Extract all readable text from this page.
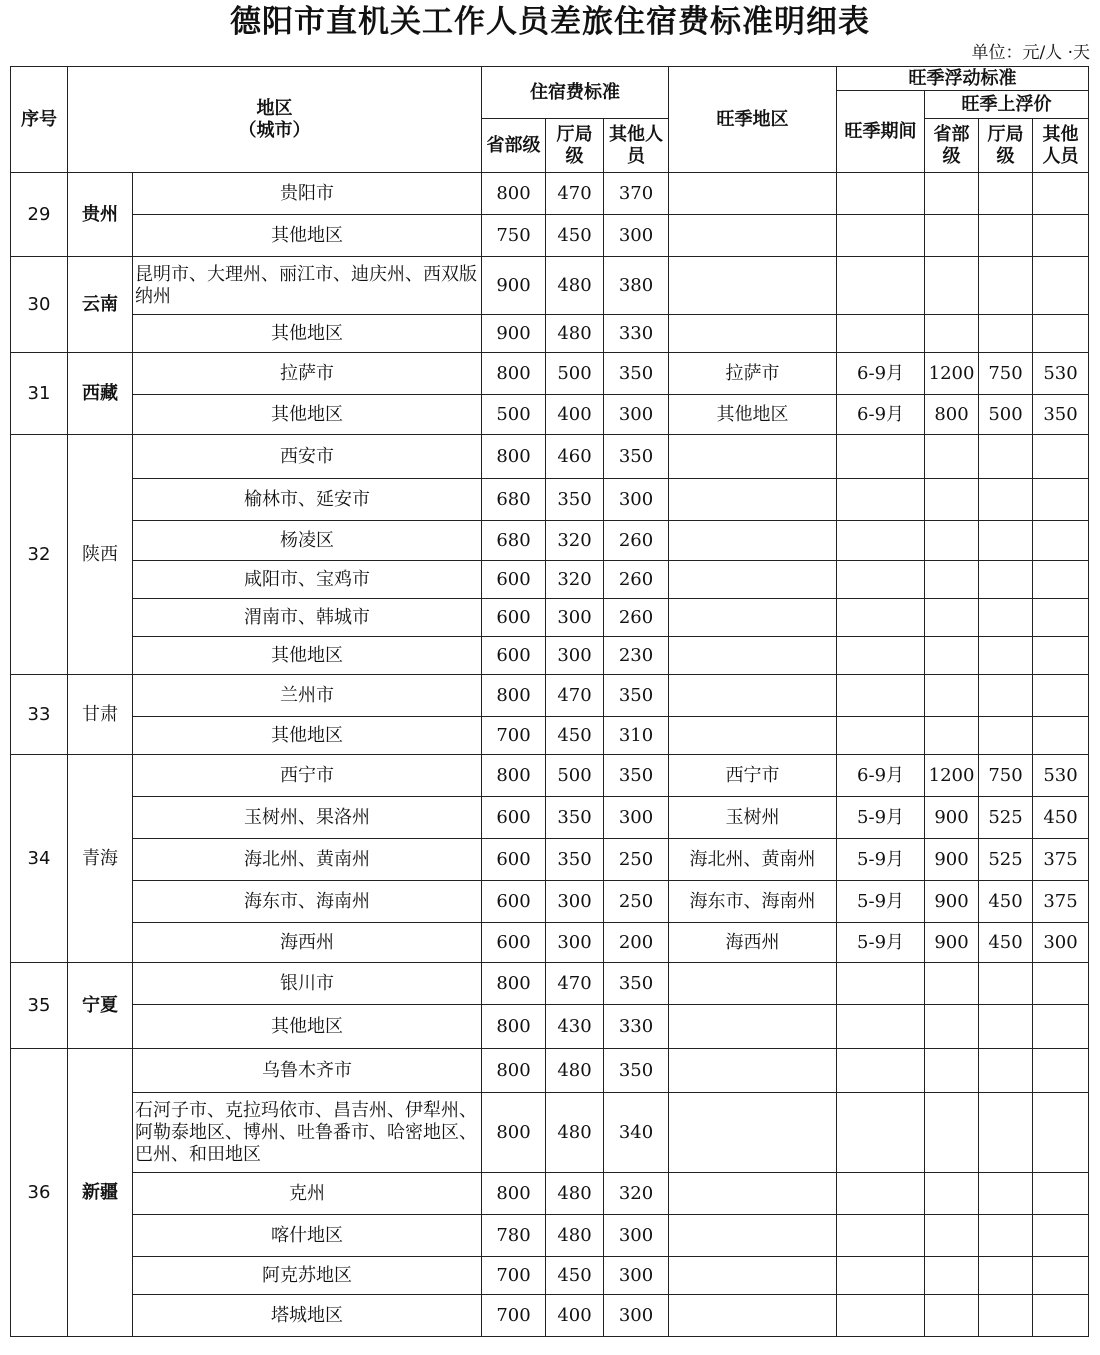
德阳市直机关工作人员差旅住宿费标准明细表
单位：元/人 ·天
序号	地区
（城市）		住宿费标准			旺季地区	旺季浮动标准			
							旺季期间	旺季上浮价		
			省部级	厅局级	其他人员			省部级	厅局级	其他人员
29	贵州	贵阳市	800	470	370					
		其他地区	750	450	300					
30	云南	昆明市、大理州、丽江市、迪庆州、西双版纳州	900	480	380					
		其他地区	900	480	330					
31	西藏	拉萨市	800	500	350	拉萨市	6-9月	1200	750	530
		其他地区	500	400	300	其他地区	6-9月	800	500	350
32	陕西	西安市	800	460	350					
		榆林市、延安市	680	350	300					
		杨凌区	680	320	260					
		咸阳市、宝鸡市	600	320	260					
		渭南市、韩城市	600	300	260					
		其他地区	600	300	230					
33	甘肃	兰州市	800	470	350					
		其他地区	700	450	310					
34	青海	西宁市	800	500	350	西宁市	6-9月	1200	750	530
		玉树州、果洛州	600	350	300	玉树州	5-9月	900	525	450
		海北州、黄南州	600	350	250	海北州、黄南州	5-9月	900	525	375
		海东市、海南州	600	300	250	海东市、海南州	5-9月	900	450	375
		海西州	600	300	200	海西州	5-9月	900	450	300
35	宁夏	银川市	800	470	350					
		其他地区	800	430	330					
36	新疆	乌鲁木齐市	800	480	350					
		石河子市、克拉玛依市、昌吉州、伊犁州、阿勒泰地区、博州、吐鲁番市、哈密地区、巴州、和田地区	800	480	340					
		克州	800	480	320					
		喀什地区	780	480	300					
		阿克苏地区	700	450	300					
		塔城地区	700	400	300					
